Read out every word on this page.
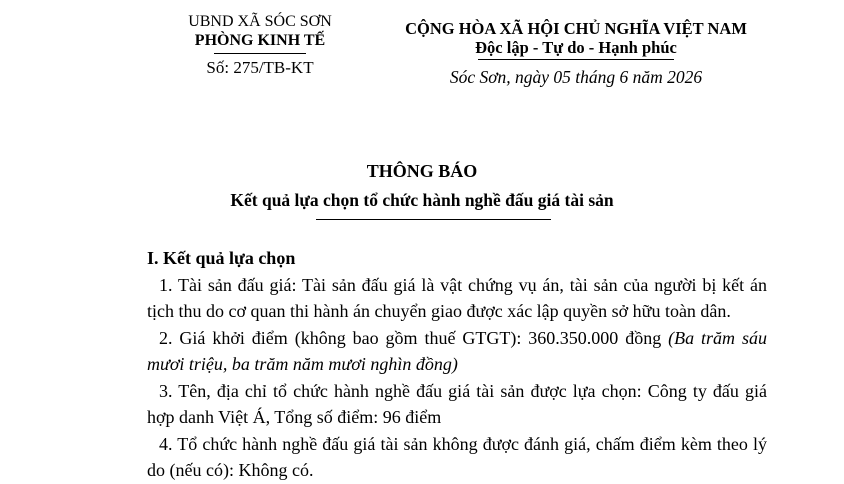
UBND XÃ SÓC SƠN
PHÒNG KINH TẾ
Số: 275/TB-KT
CỘNG HÒA XÃ HỘI CHỦ NGHĨA VIỆT NAM
Độc lập - Tự do - Hạnh phúc
Sóc Sơn, ngày 05 tháng 6 năm 2026
THÔNG BÁO
Kết quả lựa chọn tổ chức hành nghề đấu giá tài sản
I. Kết quả lựa chọn

1. Tài sản đấu giá: Tài sản đấu giá là vật chứng vụ án, tài sản của người bị kết án tịch thu do cơ quan thi hành án chuyển giao được xác lập quyền sở hữu toàn dân.

2. Giá khởi điểm (không bao gồm thuế GTGT): 360.350.000 đồng (Ba trăm sáu mươi triệu, ba trăm năm mươi nghìn đồng)

3. Tên, địa chỉ tổ chức hành nghề đấu giá tài sản được lựa chọn: Công ty đấu giá hợp danh Việt Á, Tổng số điểm: 96 điểm

4. Tổ chức hành nghề đấu giá tài sản không được đánh giá, chấm điểm kèm theo lý do (nếu có): Không có.
